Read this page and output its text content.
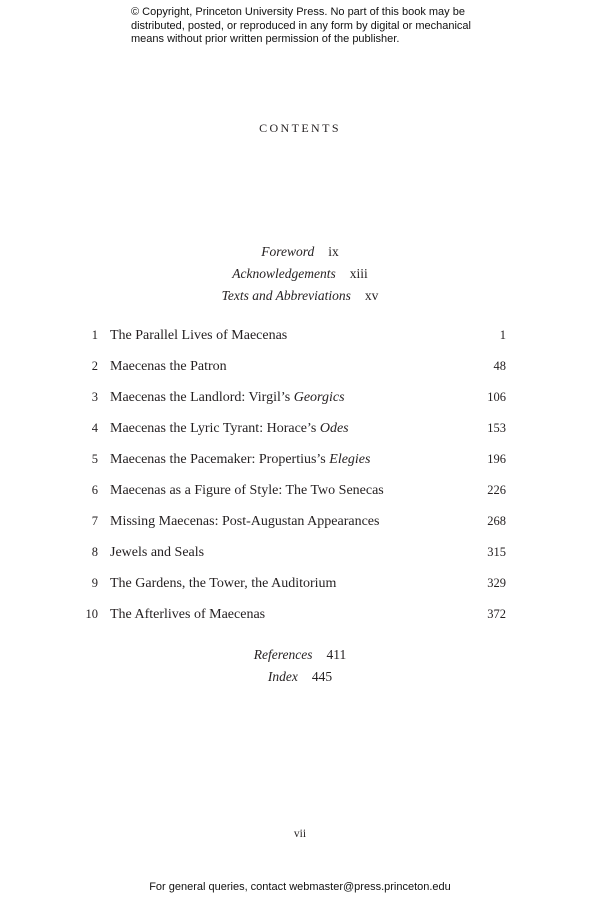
© Copyright, Princeton University Press. No part of this book may be
distributed, posted, or reproduced in any form by digital or mechanical
means without prior written permission of the publisher.
CONTENTS
Foreword ix
Acknowledgements xiii
Texts and Abbreviations xv
1 The Parallel Lives of Maecenas	1
2 Maecenas the Patron	48
3 Maecenas the Landlord: Virgil’s Georgics	106
4 Maecenas the Lyric Tyrant: Horace’s Odes	153
5 Maecenas the Pacemaker: Propertius’s Elegies	196
6 Maecenas as a Figure of Style: The Two Senecas	226
7 Missing Maecenas: Post-Augustan Appearances	268
8 Jewels and Seals	315
9 The Gardens, the Tower, the Auditorium	329
10 The Afterlives of Maecenas	372
References 411
Index 445
vii
For general queries, contact webmaster@press.princeton.edu
